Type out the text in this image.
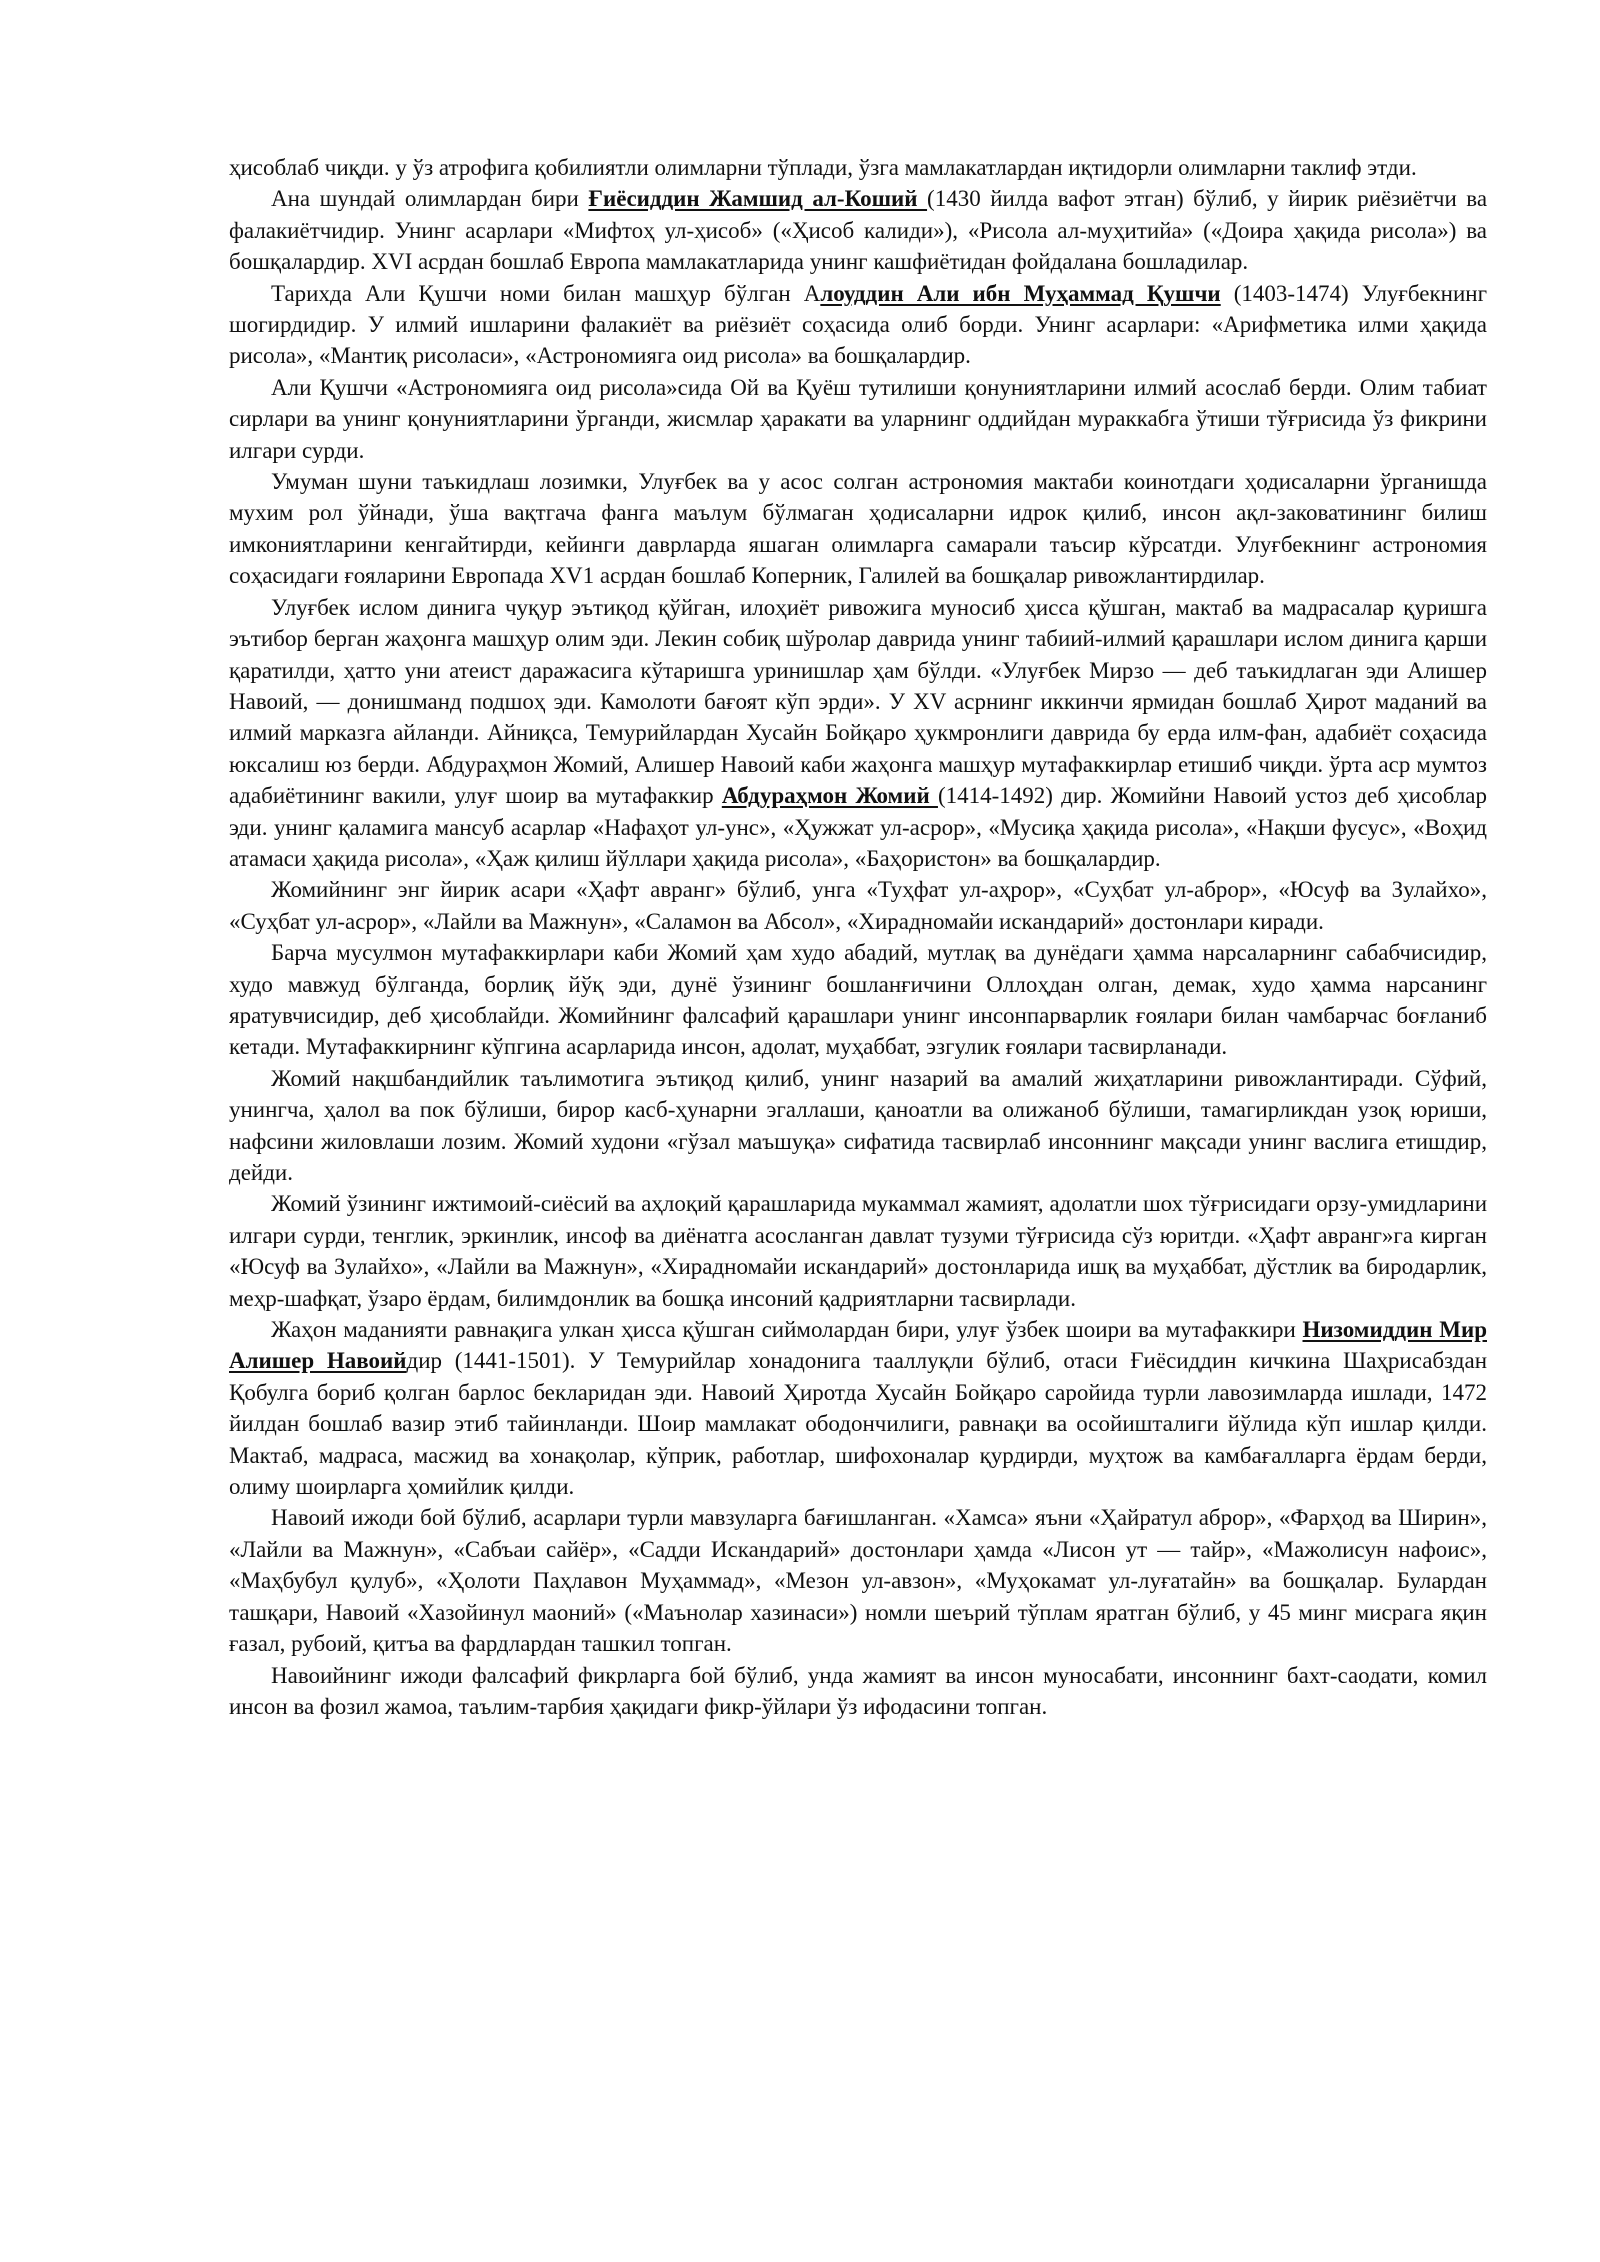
ҳисоблаб чиқди. у ўз атрофига қобилиятли олимларни тўплади, ўзга мамлакатлардан иқтидорли олимларни таклиф этди.

Ана шундай олимлардан бири Ғиёсиддин Жамшид ал-Коший (1430 йилда вафот этган) бўлиб, у йирик риёзиётчи ва фалакиётчидир. Унинг асарлари «Мифтоҳ ул-ҳисоб» («Ҳисоб калиди»), «Рисола ал-муҳитийа» («Доира ҳақида рисола») ва бошқалардир. XVI асрдан бошлаб Европа мамлакатларида унинг кашфиётидан фойдалана бошладилар.

Тарихда Али Қушчи номи билан машҳур бўлган Алоуддин Али ибн Муҳаммад Қушчи (1403-1474) Улуғбекнинг шогирдидир. У илмий ишларини фалакиёт ва риёзиёт соҳасида олиб борди. Унинг асарлари: «Арифметика илми ҳақида рисола», «Мантиқ рисоласи», «Астрономияга оид рисола» ва бошқалардир.

Али Қушчи «Астрономияга оид рисола»сида Ой ва Қуёш тутилиши қонуниятларини илмий асослаб берди. Олим табиат сирлари ва унинг қонуниятларини ўрганди, жисмлар ҳаракати ва уларнинг оддийдан мураккабга ўтиши тўғрисида ўз фикрини илгари сурди.

Умуман шуни таъкидлаш лозимки, Улуғбек ва у асос солган астрономия мактаби коинотдаги ҳодисаларни ўрганишда мухим рол ўйнади, ўша вақтгача фанга маълум бўлмаган ҳодисаларни идрок қилиб, инсон ақл-заковатининг билиш имкониятларини кенгайтирди, кейинги даврларда яшаган олимларга самарали таъсир кўрсатди. Улуғбекнинг астрономия соҳасидаги ғояларини Европада ХV1 асрдан бошлаб Коперник, Галилей ва бошқалар ривожлантирдилар.

Улуғбек ислом динига чуқур эътиқод қўйган, илоҳиёт ривожига муносиб ҳисса қўшган, мактаб ва мадрасалар қуришга эътибор берган жаҳонга машҳур олим эди. Лекин собиқ шўролар даврида унинг табиий-илмий қарашлари ислом динига қарши қаратилди, ҳатто уни атеист даражасига кўтаришга уринишлар ҳам бўлди. «Улуғбек Мирзо — деб таъкидлаган эди Алишер Навоий, — донишманд подшоҳ эди. Камолоти бағоят кўп эрди». У XV асрнинг иккинчи ярмидан бошлаб Ҳирот маданий ва илмий марказга айланди. Айниқса, Темурийлардан Хусайн Бойқаро ҳукмронлиги даврида бу ерда илм-фан, адабиёт соҳасида юксалиш юз берди. Абдураҳмон Жомий, Алишер Навоий каби жаҳонга машҳур мутафаккирлар етишиб чиқди. ўрта аср мумтоз адабиётининг вакили, улуғ шоир ва мутафаккир Абдураҳмон Жомий (1414-1492) дир. Жомийни Навоий устоз деб ҳисоблар эди. унинг қаламига мансуб асарлар «Нафаҳот ул-унс», «Ҳужжат ул-асрор», «Мусиқа ҳақида рисола», «Нақши фусус», «Воҳид атамаси ҳақида рисола», «Ҳаж қилиш йўллари ҳақида рисола», «Баҳористон» ва бошқалардир.

Жомийнинг энг йирик асари «Ҳафт авранг» бўлиб, унга «Туҳфат ул-аҳрор», «Суҳбат ул-аброр», «Юсуф ва Зулайхо», «Суҳбат ул-асрор», «Лайли ва Мажнун», «Саламон ва Абсол», «Хирадномайи искандарий» достонлари киради.

Барча мусулмон мутафаккирлари каби Жомий ҳам худо абадий, мутлақ ва дунёдаги ҳамма нарсаларнинг сабабчисидир, худо мавжуд бўлганда, борлиқ йўқ эди, дунё ўзининг бошланғичини Оллоҳдан олган, демак, худо ҳамма нарсанинг яратувчисидир, деб ҳисоблайди. Жомийнинг фалсафий қарашлари унинг инсонпарварлик ғоялари билан чамбарчас боғланиб кетади. Мутафаккирнинг кўпгина асарларида инсон, адолат, муҳаббат, эзгулик ғоялари тасвирланади.

Жомий нақшбандийлик таълимотига эътиқод қилиб, унинг назарий ва амалий жиҳатларини ривожлантиради. Сўфий, унингча, ҳалол ва пок бўлиши, бирор касб-ҳунарни эгаллаши, қаноатли ва олижаноб бўлиши, тамагирликдан узоқ юриши, нафсини жиловлаши лозим. Жомий худони «гўзал маъшуқа» сифатида тасвирлаб инсоннинг мақсади унинг васлига етишдир, дейди.

Жомий ўзининг ижтимоий-сиёсий ва аҳлоқий қарашларида мукаммал жамият, адолатли шох тўғрисидаги орзу-умидларини илгари сурди, тенглик, эркинлик, инсоф ва диёнатга асосланган давлат тузуми тўғрисида сўз юритди. «Ҳафт авранг»га кирган «Юсуф ва Зулайхо», «Лайли ва Мажнун», «Хирадномайи искандарий» достонларида ишқ ва муҳаббат, дўстлик ва бирoдарлик, меҳр-шафқат, ўзаро ёрдам, билимдонлик ва бошқа инсоний қадриятларни тасвирлади.

Жаҳон маданияти равнақига улкан ҳисса қўшган сиймолардан бири, улуғ ўзбек шоири ва мутафаккири Низомиддин Мир Алишер Навоийдир (1441-1501). У Темурийлар хонадонига тааллуқли бўлиб, отаси Ғиёсиддин кичкина Шаҳрисабздан Қобулга бориб қолган барлос бекларидан эди. Навоий Ҳиротда Хусайн Бойқаро саройида турли лавозимларда ишлади, 1472 йилдан бошлаб вазир этиб тайинланди. Шоир мамлакат ободончилиги, равнақи ва осойишталиги йўлида кўп ишлар қилди. Мактаб, мадраса, масжид ва хонақолар, кўприк, работлар, шифохоналар қурдирди, муҳтож ва камбағалларга ёрдам берди, олиму шоирларга ҳомийлик қилди.

Навоий ижоди бой бўлиб, асарлари турли мавзуларга бағишланган. «Хамса» яъни «Ҳайратул аброр», «Фарҳод ва Ширин», «Лайли ва Мажнун», «Сабъаи сайёр», «Садди Искандарий» достонлари ҳамда «Лисон ут — тайр», «Мажолисун нафоис», «Маҳбубул қулуб», «Ҳолоти Паҳлавон Муҳаммад», «Мезон ул-авзон», «Муҳокамат ул-луғатайн» ва бошқалар. Булардан ташқари, Навоий «Хазойинул маоний» («Маънолар хазинаси») номли шеърий тўплам яратган бўлиб, у 45 минг мисрага яқин ғазал, рубоий, қитъа ва фардлардан ташкил топган.

Навоийнинг ижоди фалсафий фикрларга бой бўлиб, унда жамият ва инсон муносабати, инсоннинг бахт-саодати, комил инсон ва фозил жамоа, таълим-тарбия ҳақидаги фикр-ўйлари ўз ифодасини топган.
